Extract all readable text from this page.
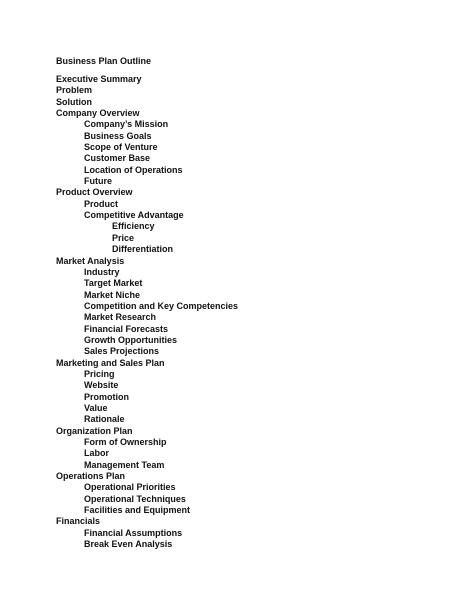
Business Plan Outline
Executive Summary
Problem
Solution
Company Overview
Company’s Mission
Business Goals
Scope of Venture
Customer Base
Location of Operations
Future
Product Overview
Product
Competitive Advantage
Efficiency
Price
Differentiation
Market Analysis
Industry
Target Market
Market Niche
Competition and Key Competencies
Market Research
Financial Forecasts
Growth Opportunities
Sales Projections
Marketing and Sales Plan
Pricing
Website
Promotion
Value
Rationale
Organization Plan
Form of Ownership
Labor
Management Team
Operations Plan
Operational Priorities
Operational Techniques
Facilities and Equipment
Financials
Financial Assumptions
Break Even Analysis
